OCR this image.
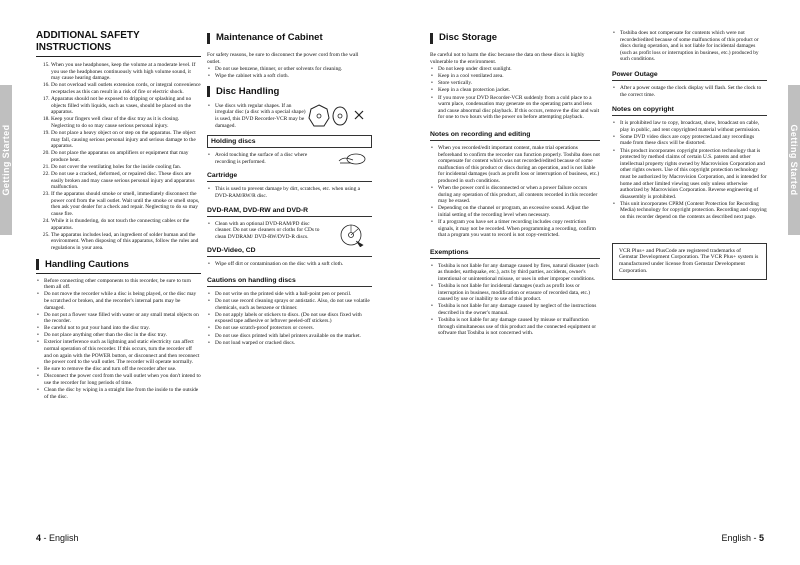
Getting Started	Getting Started
ADDITIONAL SAFETY INSTRUCTIONS
15. When you use headphones, keep the volume at a moderate level. If you use the headphones continuously with high volume sound, it may cause hearing damage.
16. Do not overload wall outlets extension cords, or integral convenience receptacles as this can result in a risk of fire or electric shock.
17. Apparatus should not be exposed to dripping or splashing and no objects filled with liquids, such as vases, should be placed on the apparatus.
18. Keep your fingers well clear of the disc tray as it is closing. Neglecting to do so may cause serious personal injury.
19. Do not place a heavy object on or step on the apparatus. The object may fall, causing serious personal injury and serious damage to the apparatus.
20. Do not place the apparatus on amplifiers or equipment that may produce heat.
21. Do not cover the ventilating holes for the inside cooling fan.
22. Do not use a cracked, deformed, or repaired disc. These discs are easily broken and may cause serious personal injury and apparatus malfunction.
23. If the apparatus should smoke or smell, immediately disconnect the power cord from the wall outlet. Wait until the smoke or smell stops, then ask your dealer for a check and repair. Neglecting to do so may cause fire.
24. While it is thundering, do not touch the connecting cables or the apparatus.
25. The apparatus includes lead, an ingredient of solder human and the environment. When disposing of this apparatus, follow the rules and regulations in your area.
Handling Cautions
• Before connecting other components to this recorder, be sure to turn them all off.
• Do not move the recorder while a disc is being played, or the disc may be scratched or broken, and the recorder's internal parts may be damaged.
• Do not put a flower vase filled with water or any small metal objects on the recorder.
• Be careful not to put your hand into the disc tray.
• Do not place anything other than the disc in the disc tray.
• Exterior interference such as lightning and static electricity can affect normal operation of this recorder. If this occurs, turn the recorder off and on again with the POWER button, or disconnect and then reconnect the power cord to the wall outlet. The recorder will operate normally.
• Be sure to remove the disc and turn off the recorder after use.
• Disconnect the power cord from the wall outlet when you don't intend to use the recorder for long periods of time.
• Clean the disc by wiping in a straight line from the inside to the outside of the disc.
Maintenance of Cabinet

For safety reasons, be sure to disconnect the power cord from the wall outlet.

• Do not use benzene, thinner, or other solvents for cleaning.
• Wipe the cabinet with a soft cloth.
Disc Handling
• Use discs with regular shapes. If an irregular disc (a disc with a special shape) is used, this DVD Recorder-VCR may be damaged.
Holding discs
• Avoid touching the surface of a disc where recording is performed.
Cartridge
• This is used to prevent damage by dirt, scratches, etc. when using a DVD-RAM/RW/R disc.
DVD-RAM, DVD-RW and DVD-R
• Clean with an optional DVD-RAM/PD disc cleaner. Do not use cleaners or cloths for CDs to clean DVDRAM/ DVD-RW/DVD-R discs.
DVD-Video, CD
• Wipe off dirt or contamination on the disc with a soft cloth.
Cautions on handling discs
• Do not write on the printed side with a ball-point pen or pencil.
• Do not use record cleaning sprays or antistatic. Also, do not use volatile chemicals, such as benzene or thinner.
• Do not apply labels or stickers to discs. (Do not use discs fixed with exposed tape adhesive or leftover peeled-off stickers.)
• Do not use scratch-proof protectors or covers.
• Do not use discs printed with label printers available on the market.
• Do not load warped or cracked discs.
Disc Storage

Be careful not to harm the disc because the data on these discs is highly vulnerable to the environment.

• Do not keep under direct sunlight.
• Keep in a cool ventilated area.
• Store vertically.
• Keep in a clean protection jacket.
• If you move your DVD Recorder-VCR suddenly from a cold place to a warm place, condensation may generate on the operating parts and lens and cause abnormal disc playback. If this occurs, remove the disc and wait for one to two hours with the power on before attempting playback.
Notes on recording and editing
• When you recorded/edit important content, make trial operations beforehand to confirm the recorder can function properly. Toshiba does not compensate for content which was not recorded/edited because of some malfunction of this product or discs during an operation, and is not liable for incidental damages (such as profit loss or interruption of business, etc.) produced in such conditions.
• When the power cord is disconnected or when a power failure occurs during any operation of this product, all contents recorded in this recorder may be erased.
• Depending on the channel or program, an excessive sound. Adjust the initial setting of the recording level when necessary.
• If a program you have set a timer recording includes copy restriction signals, it may not be recorded. When programming a recording, confirm that a program you want to record is not copy-restricted.
Exemptions
• Toshiba is not liable for any damage caused by fires, natural disaster (such as thunder, earthquake, etc.), acts by third parties, accidents, owner's intentional or unintentional misuse, or uses in other improper conditions.
• Toshiba is not liable for incidental damages (such as profit loss or interruption in business, modification or erasure of recorded data, etc.) caused by use or inability to use of this product.
• Toshiba is not liable for any damage caused by neglect of the instructions described in the owner's manual.
• Toshiba is not liable for any damage caused by misuse or malfunction through simultaneous use of this product and the connected equipment or software that Toshiba is not concerned with.
• Toshiba does not compensate for contents which were not recorded/edited because of some malfunctions of this product or discs during operation, and is not liable for incidental damages (such as profit loss or interruption in business, etc.) produced by such conditions.
Power Outage
• After a power outage the clock display will flash. Set the clock to the correct time.
Notes on copyright
• It is prohibited law to copy, broadcast, show, broadcast on cable, play in public, and rent copyrighted material without permission.
• Some DVD video discs are copy protected.and any recordings made from these discs will be distorted.
• This product incorporates copyright protection technology that is protected by method claims of certain U.S. patents and other intellectual property rights owned by Macrovision Corporation and other rights owners. Use of this copyright protection technology must be authorized by Macrovision Corporation, and is intended for home and other limited viewing uses only unless otherwise authorized by Macrovision Corporation. Reverse engineering of disassembly is prohibited.
• This unit incorporates CPRM (Content Protection for Recording Media) technology for copyright protection. Recording and copying on this recorder depend on the contents as described next page.
VCR Plus+ and PlusCode are registered trademarks of Gemstar Development Corporation. The VCR Plus+ system is manufactured under license from Gemstar Development Corporation.
4 - English	English - 5
